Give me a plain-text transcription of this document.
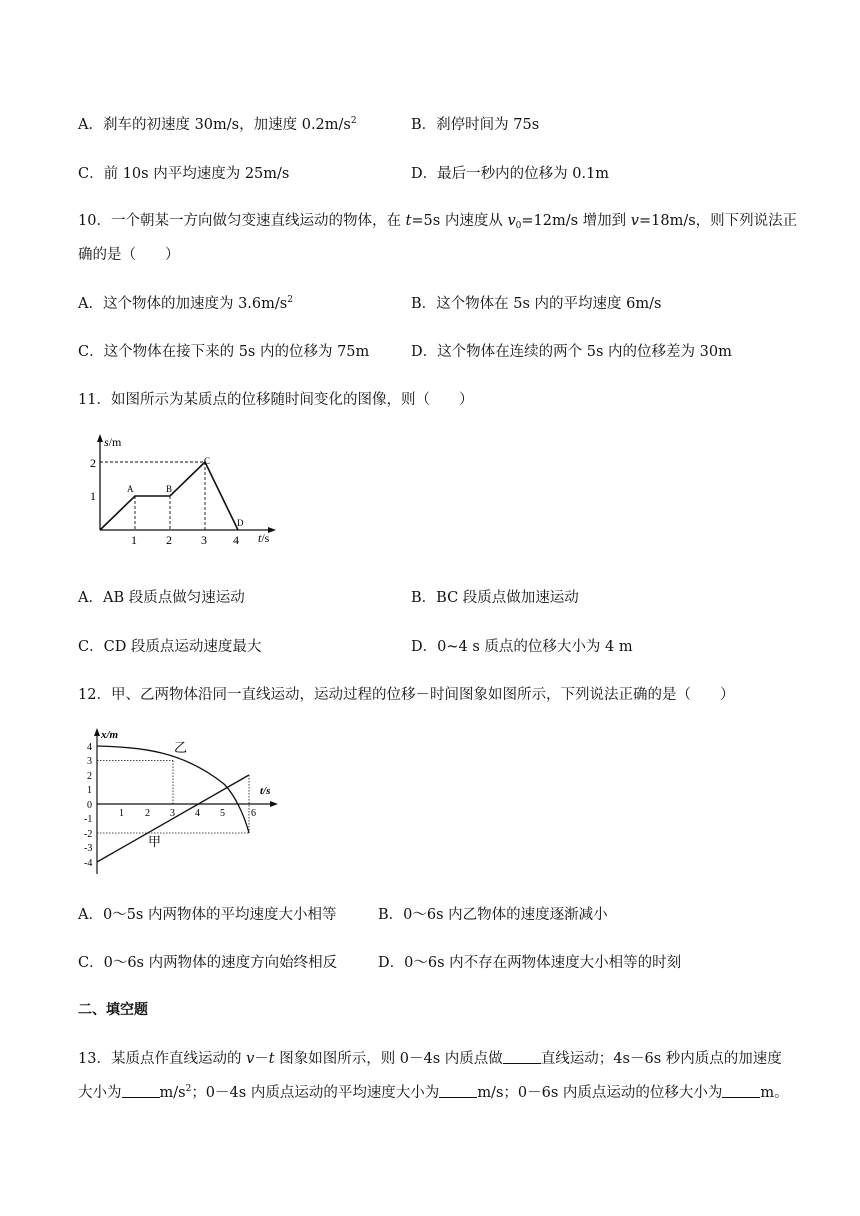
A．刹车的初速度 30m/s，加速度 $0.2m/s^2$	B．刹停时间为 75s
C．前 10s 内平均速度为 25m/s	D．最后一秒内的位移为 0.1m
10．一个朝某一方向做匀变速直线运动的物体，在 t=5s 内速度从 $v_0=12m/s$ 增加到 v=18m/s，则下列说法正
确的是（　　）
A．这个物体的加速度为 $3.6m/s^2$	B．这个物体在 5s 内的平均速度 6m/s
C．这个物体在接下来的 5s 内的位移为 75m	D．这个物体在连续的两个 5s 内的位移差为 30m
11．如图所示为某质点的位移随时间变化的图像，则（　　）
s/m
t/s
A	B
C
D
1 2 3 4
1
2
A．AB 段质点做匀速运动	B．BC 段质点做加速运动
C．CD 段质点运动速度最大	D．0~4 s 质点的位移大小为 4 m
12．甲、乙两物体沿同一直线运动，运动过程的位移－时间图象如图所示，下列说法正确的是（　　）
x/m
t/s
乙
甲
1 2 3 4 5	6
4
3
2
1
0
-1
-2
-3
-4
A．0～5s 内两物体的平均速度大小相等	B．0～6s 内乙物体的速度逐渐减小
C．0～6s 内两物体的速度方向始终相反	D．0～6s 内不存在两物体速度大小相等的时刻
二、填空题
13．某质点作直线运动的 v－t 图象如图所示，则 0－4s 内质点做	直线运动；4s－6s 秒内质点的加速度
大小为	$m/s^2$；0－4s 内质点运动的平均速度大小为	m/s；0－6s 内质点运动的位移大小为	m。
